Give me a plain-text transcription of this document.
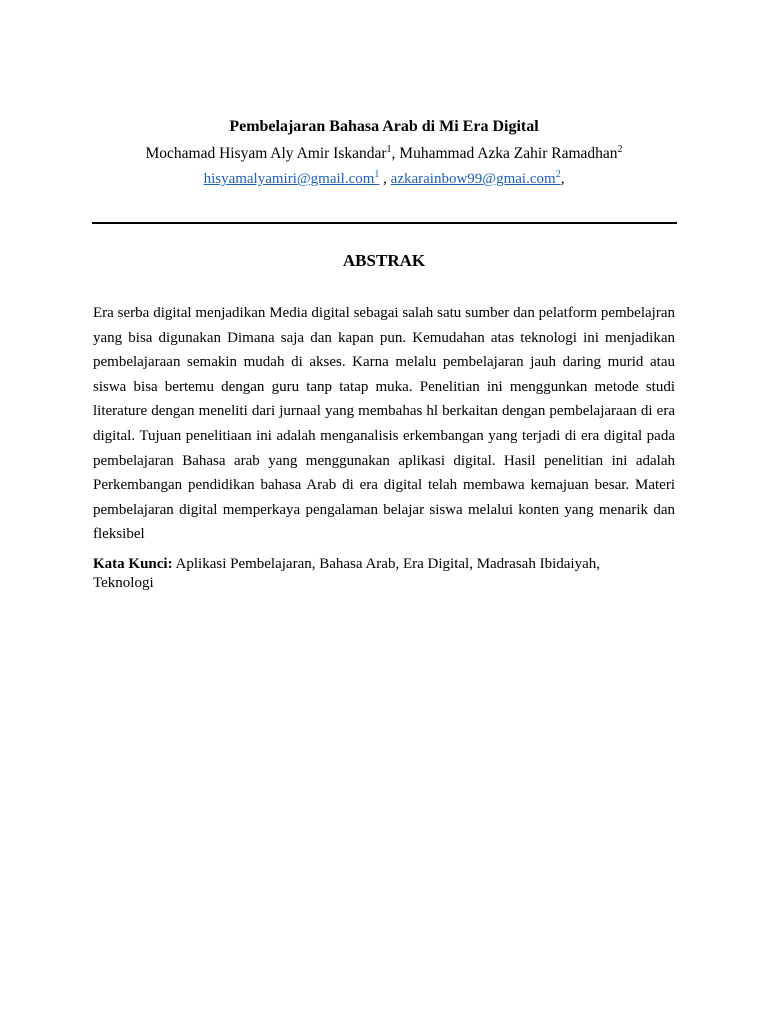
Pembelajaran Bahasa Arab di Mi Era Digital
Mochamad Hisyam Aly Amir Iskandar$^1$, Muhammad Azka Zahir Ramadhan$^2$
hisyamalyamiri@gmail.com$^1$ , azkarainbow99@gmai.com$^2$,
ABSTRAK

Era serba digital menjadikan Media digital sebagai salah satu sumber dan pelatform pembelajran yang bisa digunakan Dimana saja dan kapan pun. Kemudahan atas teknologi ini menjadikan pembelajaraan semakin mudah di akses. Karna melalu pembelajaran jauh daring murid atau siswa bisa bertemu dengan guru tanp tatap muka. Penelitian ini menggunkan metode studi literature dengan meneliti dari jurnaal yang membahas hl berkaitan dengan pembelajaraan di era digital. Tujuan penelitiaan ini adalah menganalisis erkembangan yang terjadi di era digital pada pembelajaran Bahasa arab yang menggunakan aplikasi digital. Hasil penelitian ini adalah Perkembangan pendidikan bahasa Arab di era digital telah membawa kemajuan besar. Materi pembelajaran digital memperkaya pengalaman belajar siswa melalui konten yang menarik dan fleksibel

Kata Kunci: Aplikasi Pembelajaran, Bahasa Arab, Era Digital, Madrasah Ibidaiyah, Teknologi
